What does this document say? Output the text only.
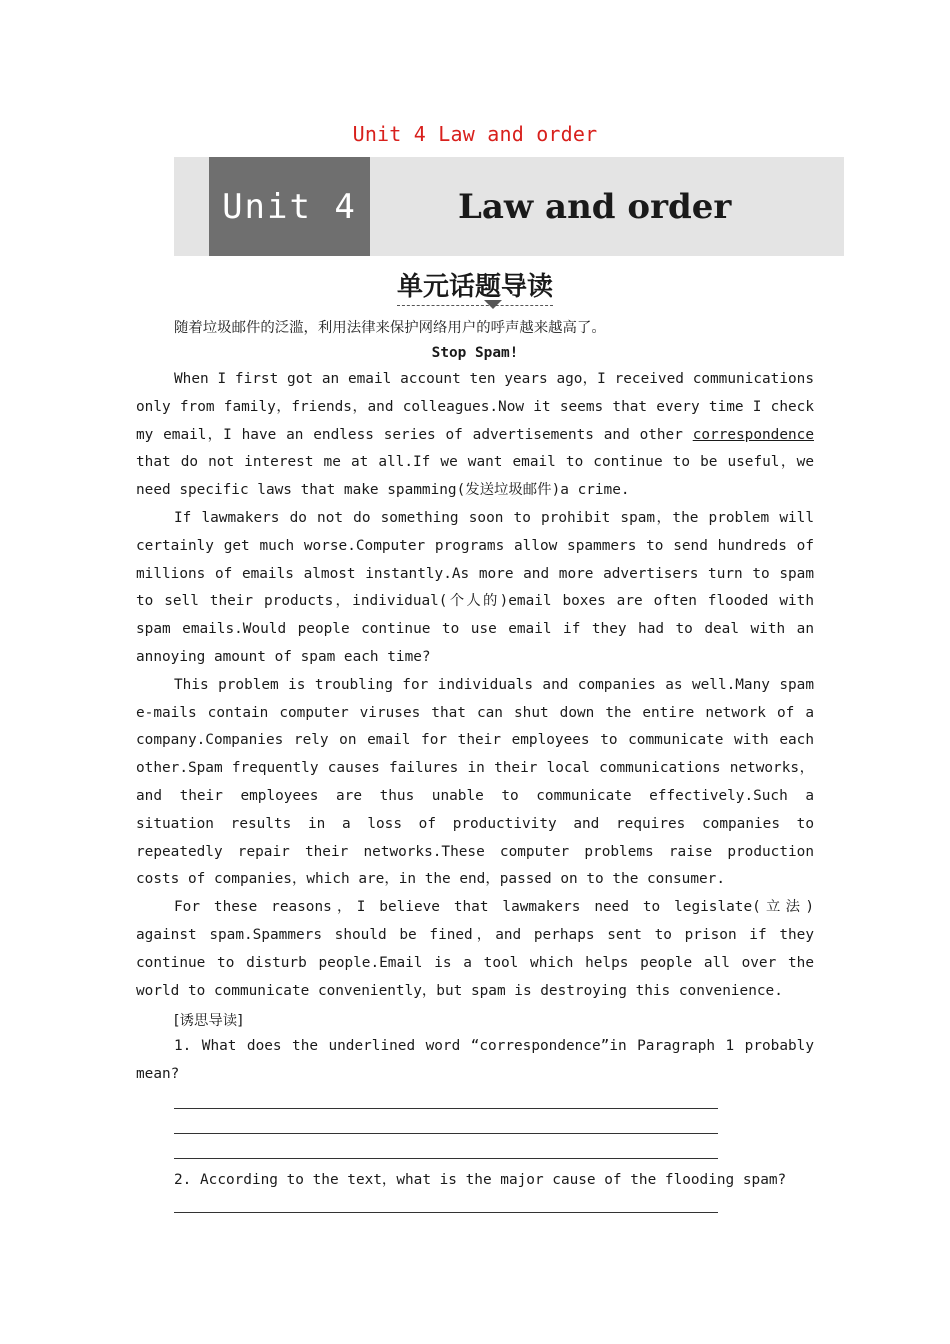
Unit 4 Law and order
Unit 4	Law and order
单元话题导读
随着垃圾邮件的泛滥，利用法律来保护网络用户的呼声越来越高了。
Stop Spam!

When I first got an email account ten years ago，I received communications only from family，friends，and colleagues.Now it seems that every time I check my email，I have an endless series of advertisements and other correspondence that do not interest me at all.If we want email to continue to be useful，we need specific laws that make spamming(发送垃圾邮件)a crime.

If lawmakers do not do something soon to prohibit spam，the problem will certainly get much worse.Computer programs allow spammers to send hundreds of millions of emails almost instantly.As more and more advertisers turn to spam to sell their products，individual(个人的)email boxes are often flooded with spam emails.Would people continue to use email if they had to deal with an annoying amount of spam each time?

This problem is troubling for individuals and companies as well.Many spam e-mails contain computer viruses that can shut down the entire network of a company.Companies rely on email for their employees to communicate with each other.Spam frequently causes failures in their local communications networks，and their employees are thus unable to communicate effectively.Such a situation results in a loss of productivity and requires companies to repeatedly repair their networks.These computer problems raise production costs of companies，which are，in the end，passed on to the consumer.

For these reasons，I believe that lawmakers need to legislate(立法) against spam.Spammers should be fined，and perhaps sent to prison if they continue to disturb people.Email is a tool which helps people all over the world to communicate conveniently，but spam is destroying this convenience.

[诱思导读]

1. What does the underlined word “correspondence”in Paragraph 1 probably mean?

2. According to the text，what is the major cause of the flooding spam?
